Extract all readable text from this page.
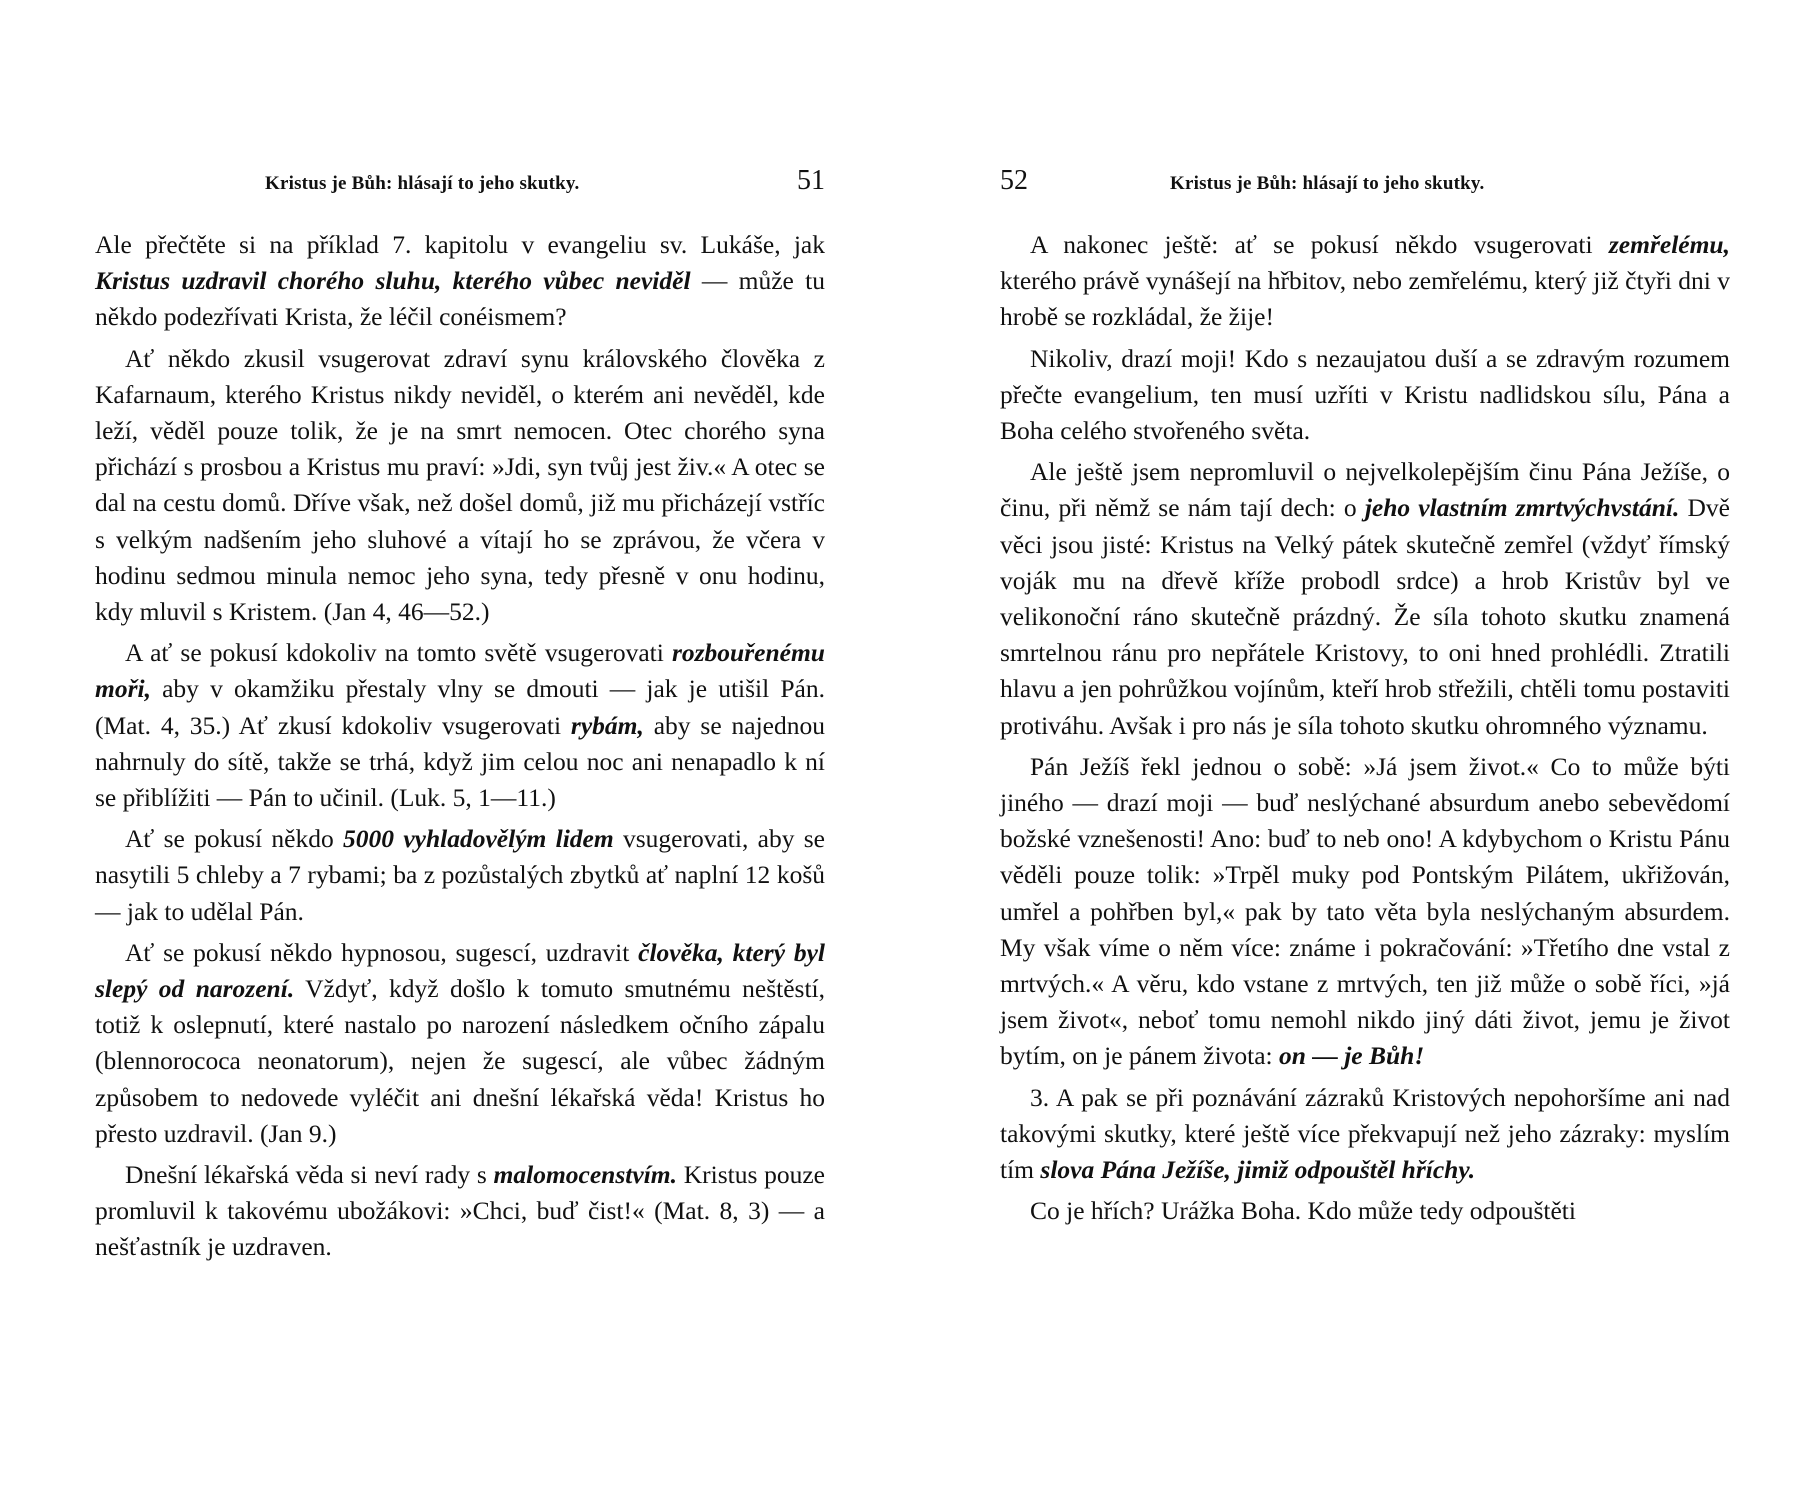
Kristus je Bůh: hlásají to jeho skutky.	51

Ale přečtěte si na příklad 7. kapitolu v evangeliu sv. Lukáše, jak Kristus uzdravil chorého sluhu, kterého vůbec neviděl — může tu někdo podezřívati Krista, že léčil conéismem?

Ať někdo zkusil vsugerovat zdraví synu královského člověka z Kafarnaum, kterého Kristus nikdy neviděl, o kterém ani nevěděl, kde leží, věděl pouze tolik, že je na smrt nemocen. Otec chorého syna přichází s prosbou a Kristus mu praví: »Jdi, syn tvůj jest živ.« A otec se dal na cestu domů. Dříve však, než došel domů, již mu přicházejí vstříc s velkým nadšením jeho sluhové a vítají ho se zprávou, že včera v hodinu sedmou minula nemoc jeho syna, tedy přesně v onu hodinu, kdy mluvil s Kristem. (Jan 4, 46—52.)

A ať se pokusí kdokoliv na tomto světě vsugerovati rozbouřenému moři, aby v okamžiku přestaly vlny se dmouti — jak je utišil Pán. (Mat. 4, 35.) Ať zkusí kdokoliv vsugerovati rybám, aby se najednou nahrnuly do sítě, takže se trhá, když jim celou noc ani nenapadlo k ní se přiblížiti — Pán to učinil. (Luk. 5, 1—11.)

Ať se pokusí někdo 5000 vyhladovělým lidem vsugerovati, aby se nasytili 5 chleby a 7 rybami; ba z pozůstalých zbytků ať naplní 12 košů — jak to udělal Pán.

Ať se pokusí někdo hypnosou, sugescí, uzdravit člověka, který byl slepý od narození. Vždyť, když došlo k tomuto smutnému neštěstí, totiž k oslepnutí, které nastalo po narození následkem očního zápalu (blennorococa neonatorum), nejen že sugescí, ale vůbec žádným způsobem to nedovede vyléčit ani dnešní lékařská věda! Kristus ho přesto uzdravil. (Jan 9.)

Dnešní lékařská věda si neví rady s malomocenstvím. Kristus pouze promluvil k takovému ubožákovi: »Chci, buď čist!« (Mat. 8, 3) — a nešťastník je uzdraven.

52	Kristus je Bůh: hlásají to jeho skutky.

A nakonec ještě: ať se pokusí někdo vsugerovati zemřelému, kterého právě vynášejí na hřbitov, nebo zemřelému, který již čtyři dni v hrobě se rozkládal, že žije!

Nikoliv, drazí moji! Kdo s nezaujatou duší a se zdravým rozumem přečte evangelium, ten musí uzříti v Kristu nadlidskou sílu, Pána a Boha celého stvořeného světa.

Ale ještě jsem nepromluvil o nejvelkolepějším činu Pána Ježíše, o činu, při němž se nám tají dech: o jeho vlastním zmrtvýchvstání. Dvě věci jsou jisté: Kristus na Velký pátek skutečně zemřel (vždyť římský voják mu na dřevě kříže probodl srdce) a hrob Kristův byl ve velikonoční ráno skutečně prázdný. Že síla tohoto skutku znamená smrtelnou ránu pro nepřátele Kristovy, to oni hned prohlédli. Ztratili hlavu a jen pohrůžkou vojínům, kteří hrob střežili, chtěli tomu postaviti protiváhu. Avšak i pro nás je síla tohoto skutku ohromného významu.

Pán Ježíš řekl jednou o sobě: »Já jsem život.« Co to může býti jiného — drazí moji — buď neslýchané absurdum anebo sebevědomí božské vznešenosti! Ano: buď to neb ono! A kdybychom o Kristu Pánu věděli pouze tolik: »Trpěl muky pod Pontským Pilátem, ukřižován, umřel a pohřben byl,« pak by tato věta byla neslýchaným absurdem. My však víme o něm více: známe i pokračování: »Třetího dne vstal z mrtvých.« A věru, kdo vstane z mrtvých, ten již může o sobě říci, »já jsem život«, neboť tomu nemohl nikdo jiný dáti život, jemu je život bytím, on je pánem života: on — je Bůh!

3. A pak se při poznávání zázraků Kristových nepohoršíme ani nad takovými skutky, které ještě více překvapují než jeho zázraky: myslím tím slova Pána Ježíše, jimiž odpouštěl hříchy.

Co je hřích? Urážka Boha. Kdo může tedy odpouštěti
